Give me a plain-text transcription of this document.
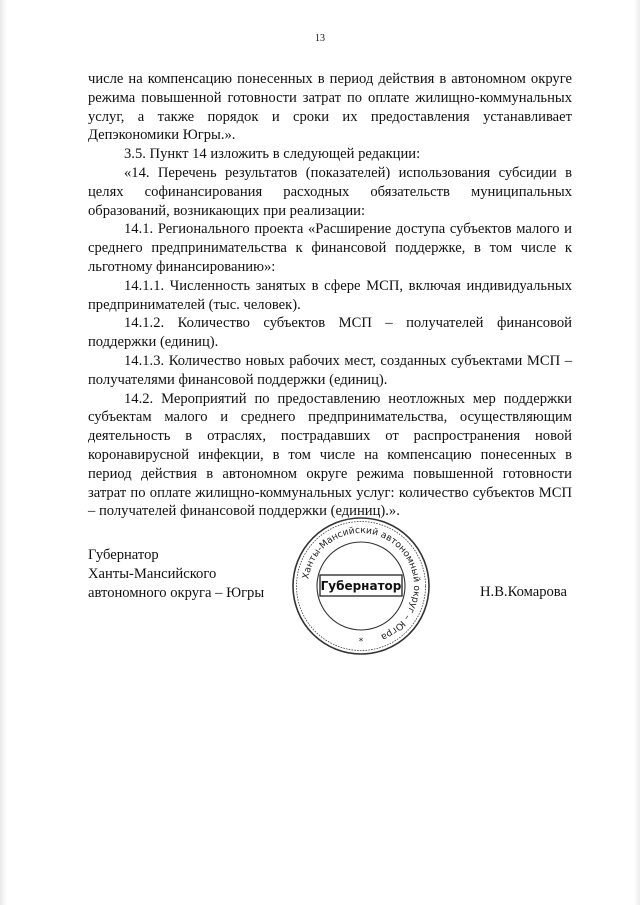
13

числе на компенсацию понесенных в период действия в автономном округе режима повышенной готовности затрат по оплате жилищно-коммунальных услуг, а также порядок и сроки их предоставления устанавливает Депэкономики Югры.».

3.5. Пункт 14 изложить в следующей редакции:

«14. Перечень результатов (показателей) использования субсидии в целях софинансирования расходных обязательств муниципальных образований, возникающих при реализации:

14.1. Регионального проекта «Расширение доступа субъектов малого и среднего предпринимательства к финансовой поддержке, в том числе к льготному финансированию»:

14.1.1. Численность занятых в сфере МСП, включая индивидуальных предпринимателей (тыс. человек).

14.1.2. Количество субъектов МСП – получателей финансовой поддержки (единиц).

14.1.3. Количество новых рабочих мест, созданных субъектами МСП – получателями финансовой поддержки (единиц).

14.2. Мероприятий по предоставлению неотложных мер поддержки субъектам малого и среднего предпринимательства, осуществляющим деятельность в отраслях, пострадавших от распространения новой коронавирусной инфекции, в том числе на компенсацию понесенных в период действия в автономном округе режима повышенной готовности затрат по оплате жилищно-коммунальных услуг: количество субъектов МСП – получателей финансовой поддержки (единиц).».

Губернатор
Ханты-Мансийского
автономного округа – Югры
Ханты-Мансийский автономный округ – Югра
Губернатор
*
Н.В.Комарова
